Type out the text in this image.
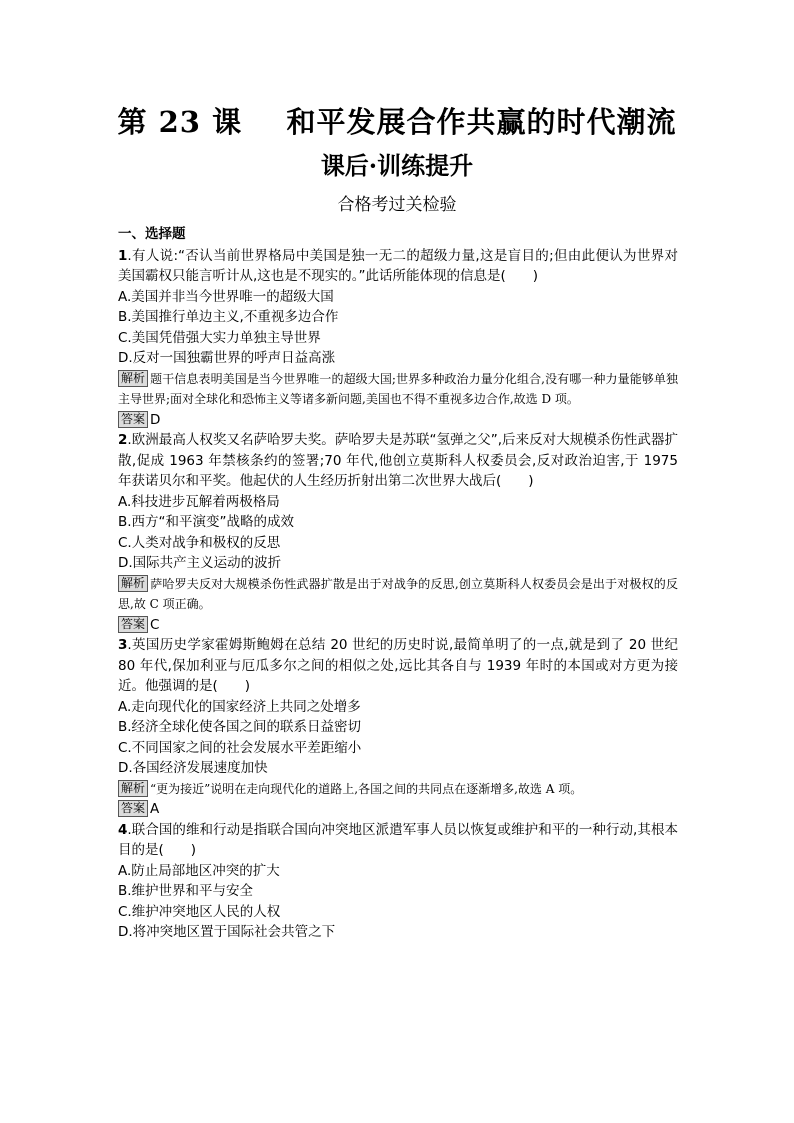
第 23 课    和平发展合作共赢的时代潮流
课后·训练提升
合格考过关检验
一、选择题

1.有人说:“否认当前世界格局中美国是独一无二的超级力量,这是盲目的;但由此便认为世界对美国霸权只能言听计从,这也是不现实的。”此话所能体现的信息是(　　)

A.美国并非当今世界唯一的超级大国

B.美国推行单边主义,不重视多边合作

C.美国凭借强大实力单独主导世界

D.反对一国独霸世界的呼声日益高涨

解析 题干信息表明美国是当今世界唯一的超级大国;世界多种政治力量分化组合,没有哪一种力量能够单独主导世界;面对全球化和恐怖主义等诸多新问题,美国也不得不重视多边合作,故选 D 项。

答案 D

2.欧洲最高人权奖又名萨哈罗夫奖。萨哈罗夫是苏联“氢弹之父”,后来反对大规模杀伤性武器扩散,促成 1963 年禁核条约的签署;70 年代,他创立莫斯科人权委员会,反对政治迫害,于 1975 年获诺贝尔和平奖。他起伏的人生经历折射出第二次世界大战后(　　)

A.科技进步瓦解着两极格局

B.西方“和平演变”战略的成效

C.人类对战争和极权的反思

D.国际共产主义运动的波折

解析 萨哈罗夫反对大规模杀伤性武器扩散是出于对战争的反思,创立莫斯科人权委员会是出于对极权的反思,故 C 项正确。

答案 C

3.英国历史学家霍姆斯鲍姆在总结 20 世纪的历史时说,最简单明了的一点,就是到了 20 世纪 80 年代,保加利亚与厄瓜多尔之间的相似之处,远比其各自与 1939 年时的本国或对方更为接近。他强调的是(　　)

A.走向现代化的国家经济上共同之处增多

B.经济全球化使各国之间的联系日益密切

C.不同国家之间的社会发展水平差距缩小

D.各国经济发展速度加快

解析 “更为接近”说明在走向现代化的道路上,各国之间的共同点在逐渐增多,故选 A 项。

答案 A

4.联合国的维和行动是指联合国向冲突地区派遣军事人员以恢复或维护和平的一种行动,其根本目的是(　　)

A.防止局部地区冲突的扩大

B.维护世界和平与安全

C.维护冲突地区人民的人权

D.将冲突地区置于国际社会共管之下
